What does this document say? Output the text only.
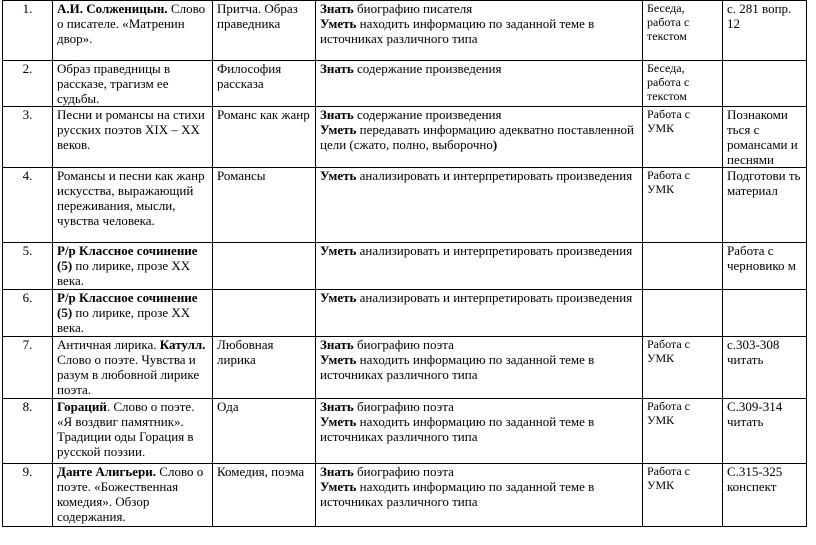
1.	А.И. Солженицын. Слово о писателе. «Матренин двор».	Притча. Образ праведника	Знать биографию писателя
Уметь находить информацию по заданной теме в источниках различного типа	Беседа, работа с текстом	с. 281 вопр. 12
2.	Образ праведницы в рассказе, трагизм ее судьбы.	Философия рассказа	Знать содержание произведения	Беседа, работа с текстом	
3.	Песни и романсы на стихи русских поэтов XIX – XX веков.	Романс как жанр	Знать содержание произведения
Уметь передавать информацию адекватно поставленной цели (сжато, полно, выборочно)	Работа с УМК	Познакоми ться с романсами и песнями
4.	Романсы и песни как жанр искусства, выражающий переживания, мысли, чувства человека.	Романсы	Уметь анализировать и интерпретировать произведения	Работа с УМК	Подготови ть материал
5.	Р/р Классное сочинение (5) по лирике, прозе XX века.		Уметь анализировать и интерпретировать произведения		Работа с черновико м
6.	Р/р Классное сочинение (5) по лирике, прозе XX века.		Уметь анализировать и интерпретировать произведения		

7.	Античная лирика. Катулл. Слово о поэте. Чувства и разум в любовной лирике поэта.	Любовная лирика	Знать биографию поэта
Уметь находить информацию по заданной теме в источниках различного типа	Работа с УМК	с.303-308 читать
8.	Гораций. Слово о поэте. «Я воздвиг памятник». Традиции оды Горация в русской поэзии.	Ода	Знать биографию поэта
Уметь находить информацию по заданной теме в источниках различного типа	Работа с УМК	С.309-314 читать
9.	Данте Алигьери. Слово о поэте. «Божественная комедия». Обзор содержания.	Комедия, поэма	Знать биографию поэта
Уметь находить информацию по заданной теме в источниках различного типа	Работа с УМК	С.315-325 конспект
